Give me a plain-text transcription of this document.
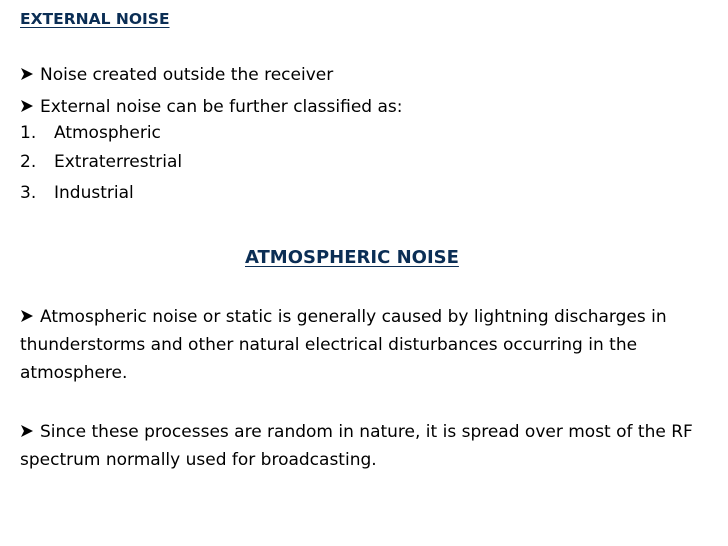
EXTERNAL NOISE
Noise created outside the receiver
External noise can be further classified as:
1. Atmospheric
2. Extraterrestrial
3. Industrial
ATMOSPHERIC NOISE
Atmospheric noise or static is generally caused by lightning discharges in thunderstorms and other natural electrical disturbances occurring in the atmosphere.
Since these processes are random in nature, it is spread over most of the RF spectrum normally used for broadcasting.
